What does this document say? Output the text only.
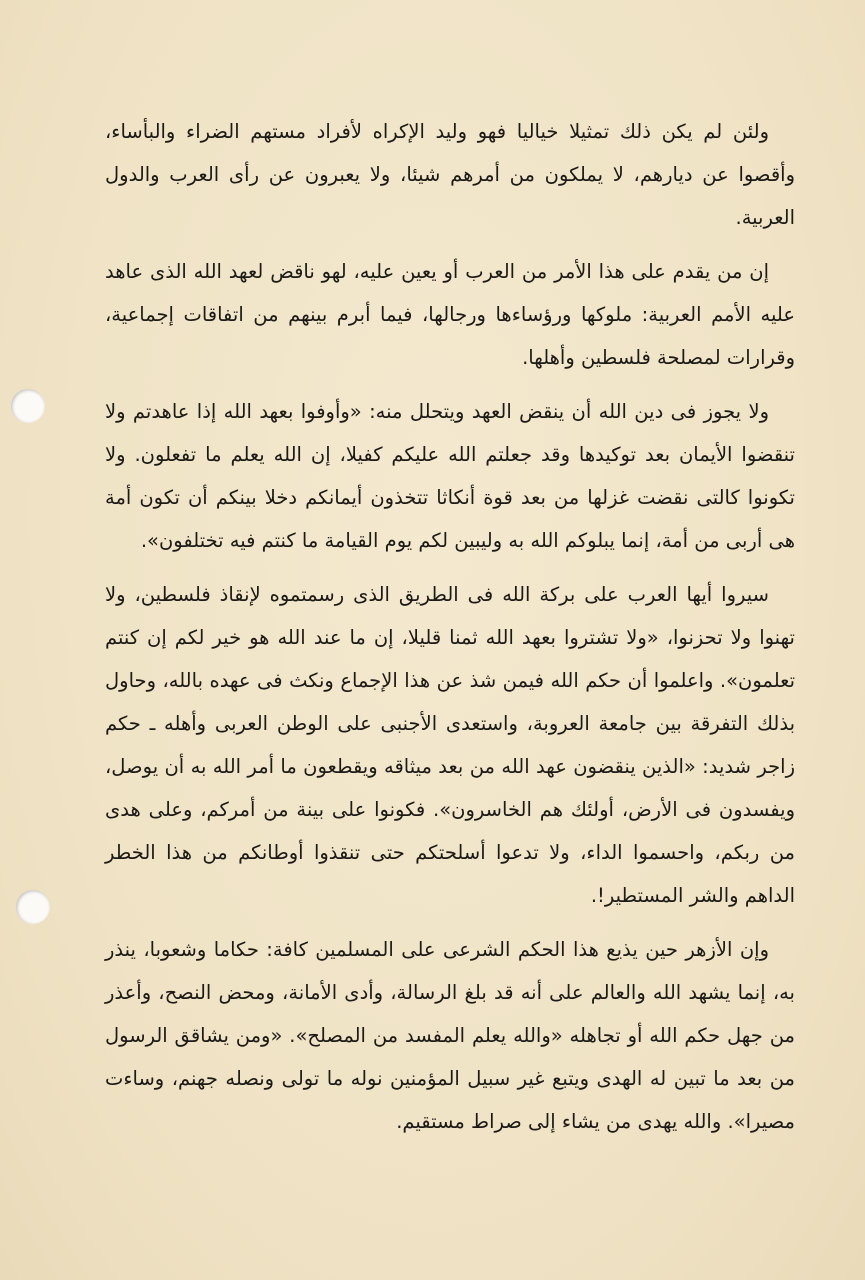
ولئن لم يكن ذلك تمثيلا خياليا فهو وليد الإكراه لأفراد مستهم الضراء والبأساء، وأقصوا عن ديارهم، لا يملكون من أمرهم شيئا، ولا يعبرون عن رأى العرب والدول العربية.

إن من يقدم على هذا الأمر من العرب أو يعين عليه، لهو ناقض لعهد الله الذى عاهد عليه الأمم العربية: ملوكها ورؤساءها ورجالها، فيما أبرم بينهم من اتفاقات إجماعية، وقرارات لمصلحة فلسطين وأهلها.

ولا يجوز فى دين الله أن ينقض العهد ويتحلل منه: «وأوفوا بعهد الله إذا عاهدتم ولا تنقضوا الأيمان بعد توكيدها وقد جعلتم الله عليكم كفيلا، إن الله يعلم ما تفعلون. ولا تكونوا كالتى نقضت غزلها من بعد قوة أنكاثا تتخذون أيمانكم دخلا بينكم أن تكون أمة هى أربى من أمة، إنما يبلوكم الله به وليبين لكم يوم القيامة ما كنتم فيه تختلفون».

سيروا أيها العرب على بركة الله فى الطريق الذى رسمتموه لإنقاذ فلسطين، ولا تهنوا ولا تحزنوا، «ولا تشتروا بعهد الله ثمنا قليلا، إن ما عند الله هو خير لكم إن كنتم تعلمون». واعلموا أن حكم الله فيمن شذ عن هذا الإجماع ونكث فى عهده بالله، وحاول بذلك التفرقة بين جامعة العروبة، واستعدى الأجنبى على الوطن العربى وأهله ـ حكم زاجر شديد: «الذين ينقضون عهد الله من بعد ميثاقه ويقطعون ما أمر الله به أن يوصل، ويفسدون فى الأرض، أولئك هم الخاسرون». فكونوا على بينة من أمركم، وعلى هدى من ربكم، واحسموا الداء، ولا تدعوا أسلحتكم حتى تنقذوا أوطانكم من هذا الخطر الداهم والشر المستطير!.

وإن الأزهر حين يذيع هذا الحكم الشرعى على المسلمين كافة: حكاما وشعوبا، ينذر به، إنما يشهد الله والعالم على أنه قد بلغ الرسالة، وأدى الأمانة، ومحض النصح، وأعذر من جهل حكم الله أو تجاهله «والله يعلم المفسد من المصلح». «ومن يشاقق الرسول من بعد ما تبين له الهدى ويتبع غير سبيل المؤمنين نوله ما تولى ونصله جهنم، وساءت مصيرا». والله يهدى من يشاء إلى صراط مستقيم.
